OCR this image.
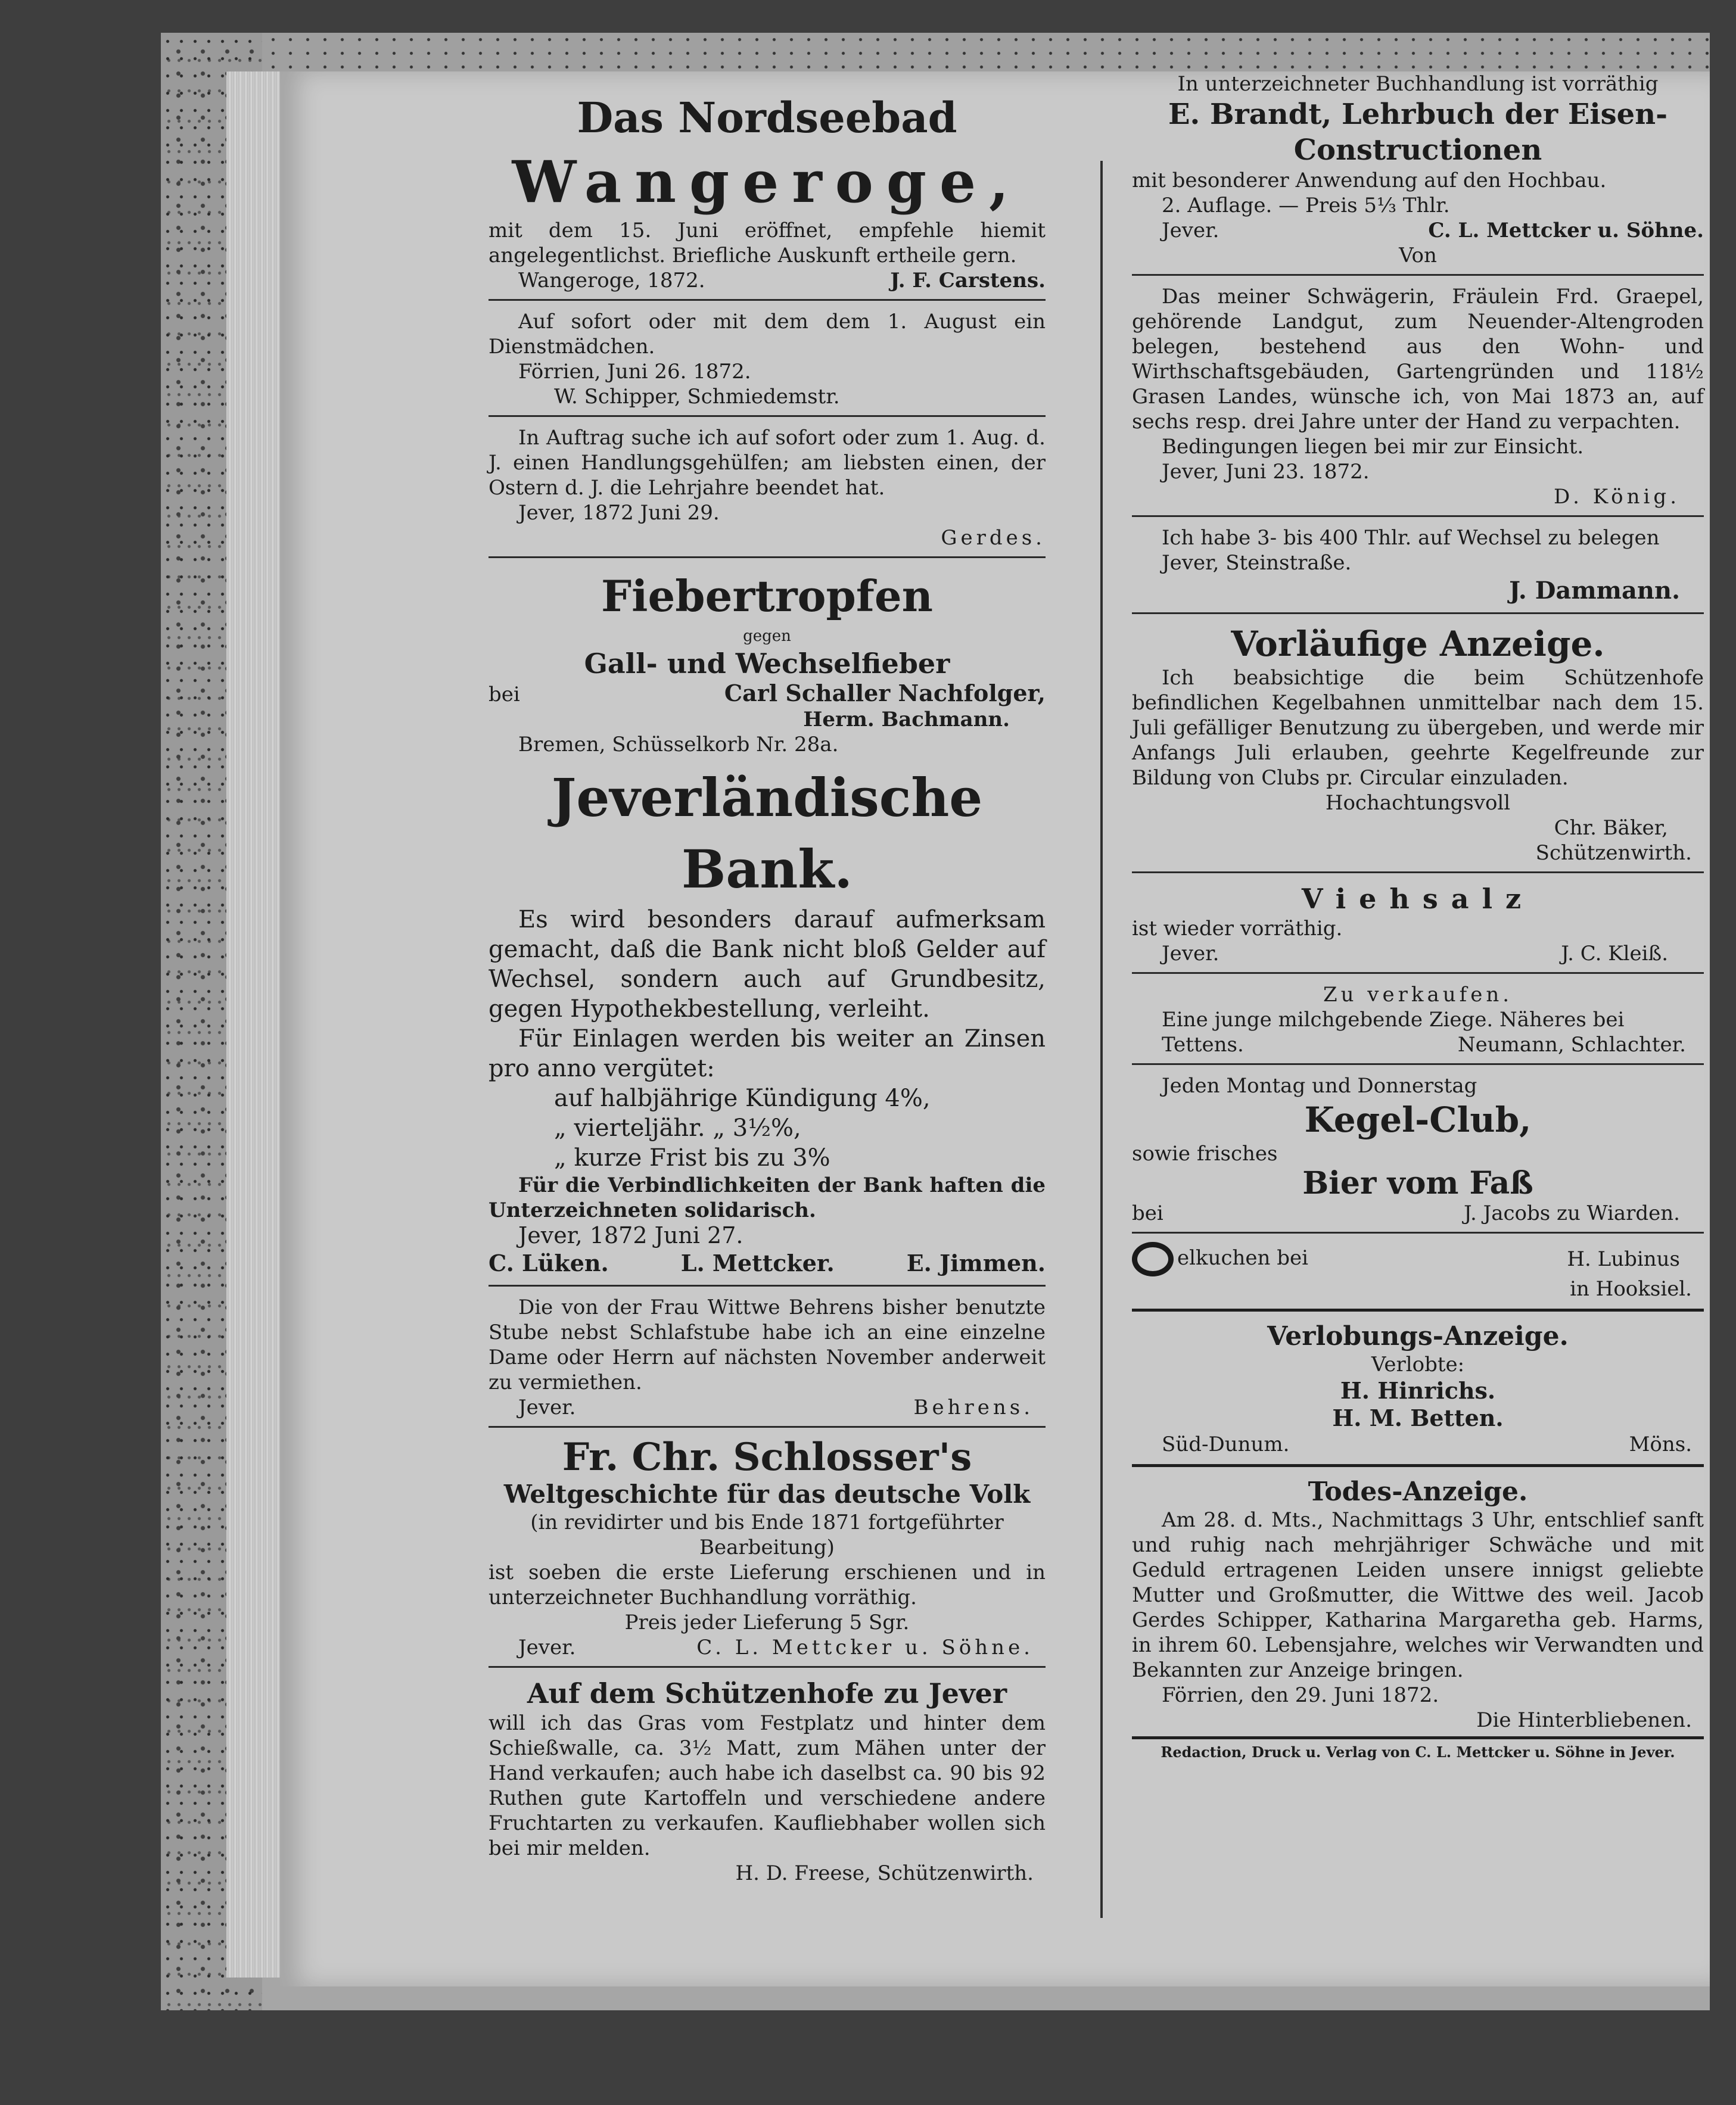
Das Nordseebad

Wangeroge,

mit dem 15. Juni eröffnet, empfehle hiemit angelegentlichst. Briefliche Auskunft ertheile gern.

Wangeroge, 1872.	J. F. Carstens.

Auf sofort oder mit dem dem 1. August ein Dienstmädchen.

Förrien, Juni 26. 1872.

W. Schipper, Schmiedemstr.

In Auftrag suche ich auf sofort oder zum 1. Aug. d. J. einen Handlungsgehülfen; am liebsten einen, der Ostern d. J. die Lehrjahre beendet hat.

Jever, 1872 Juni 29.

Gerdes.

Fiebertropfen

gegen

Gall- und Wechselfieber

bei	Carl Schaller Nachfolger,

Herm. Bachmann.

Bremen, Schüsselkorb Nr. 28a.

Jeverländische Bank.

Es wird besonders darauf aufmerksam gemacht, daß die Bank nicht bloß Gelder auf Wechsel, sondern auch auf Grundbesitz, gegen Hypothekbestellung, verleiht.

Für Einlagen werden bis weiter an Zinsen pro anno vergütet:

auf halbjährige Kündigung 4%,

„ vierteljähr. „ 3½%,

„ kurze Frist bis zu 3%

Für die Verbindlichkeiten der Bank haften die Unterzeichneten solidarisch.

Jever, 1872 Juni 27.

C. Lüken.	L. Mettcker.	E. Jimmen.

Die von der Frau Wittwe Behrens bisher benutzte Stube nebst Schlafstube habe ich an eine einzelne Dame oder Herrn auf nächsten November anderweit zu vermiethen.

Jever.	Behrens.

Fr. Chr. Schlosser's

Weltgeschichte für das deutsche Volk

(in revidirter und bis Ende 1871 fortgeführter Bearbeitung)

ist soeben die erste Lieferung erschienen und in unterzeichneter Buchhandlung vorräthig.

Preis jeder Lieferung 5 Sgr.

Jever.	C. L. Mettcker u. Söhne.

Auf dem Schützenhofe zu Jever

will ich das Gras vom Festplatz und hinter dem Schießwalle, ca. 3½ Matt, zum Mähen unter der Hand verkaufen; auch habe ich daselbst ca. 90 bis 92 Ruthen gute Kartoffeln und verschiedene andere Fruchtarten zu verkaufen. Kaufliebhaber wollen sich bei mir melden.

H. D. Freese, Schützenwirth.

In unterzeichneter Buchhandlung ist vorräthig

E. Brandt, Lehrbuch der Eisen-Constructionen

mit besonderer Anwendung auf den Hochbau.

2. Auflage. — Preis 5⅓ Thlr.

Jever.	C. L. Mettcker u. Söhne.

Von

Das meiner Schwägerin, Fräulein Frd. Graepel, gehörende Landgut, zum Neuender-Altengroden belegen, bestehend aus den Wohn- und Wirthschaftsgebäuden, Gartengründen und 118½ Grasen Landes, wünsche ich, von Mai 1873 an, auf sechs resp. drei Jahre unter der Hand zu verpachten.

Bedingungen liegen bei mir zur Einsicht.

Jever, Juni 23. 1872.

D. König.

Ich habe 3- bis 400 Thlr. auf Wechsel zu belegen

Jever, Steinstraße.

J. Dammann.

Vorläufige Anzeige.

Ich beabsichtige die beim Schützenhofe befindlichen Kegelbahnen unmittelbar nach dem 15. Juli gefälliger Benutzung zu übergeben, und werde mir Anfangs Juli erlauben, geehrte Kegelfreunde zur Bildung von Clubs pr. Circular einzuladen.

Hochachtungsvoll

Chr. Bäker,

Schützenwirth.

Viehsalz

ist wieder vorräthig.

Jever.	J. C. Kleiß.

Zu verkaufen.

Eine junge milchgebende Ziege. Näheres bei

Tettens.	Neumann, Schlachter.

Jeden Montag und Donnerstag

Kegel-Club,

sowie frisches

Bier vom Faß

bei	J. Jacobs zu Wiarden.
elkuchen bei	H. Lubinus

in Hooksiel.

Verlobungs-Anzeige.

Verlobte:

H. Hinrichs.

H. M. Betten.

Süd-Dunum.	Möns.

Todes-Anzeige.

Am 28. d. Mts., Nachmittags 3 Uhr, entschlief sanft und ruhig nach mehrjähriger Schwäche und mit Geduld ertragenen Leiden unsere innigst geliebte Mutter und Großmutter, die Wittwe des weil. Jacob Gerdes Schipper, Katharina Margaretha geb. Harms, in ihrem 60. Lebensjahre, welches wir Verwandten und Bekannten zur Anzeige bringen.

Förrien, den 29. Juni 1872.

Die Hinterbliebenen.

Redaction, Druck u. Verlag von C. L. Mettcker u. Söhne in Jever.
